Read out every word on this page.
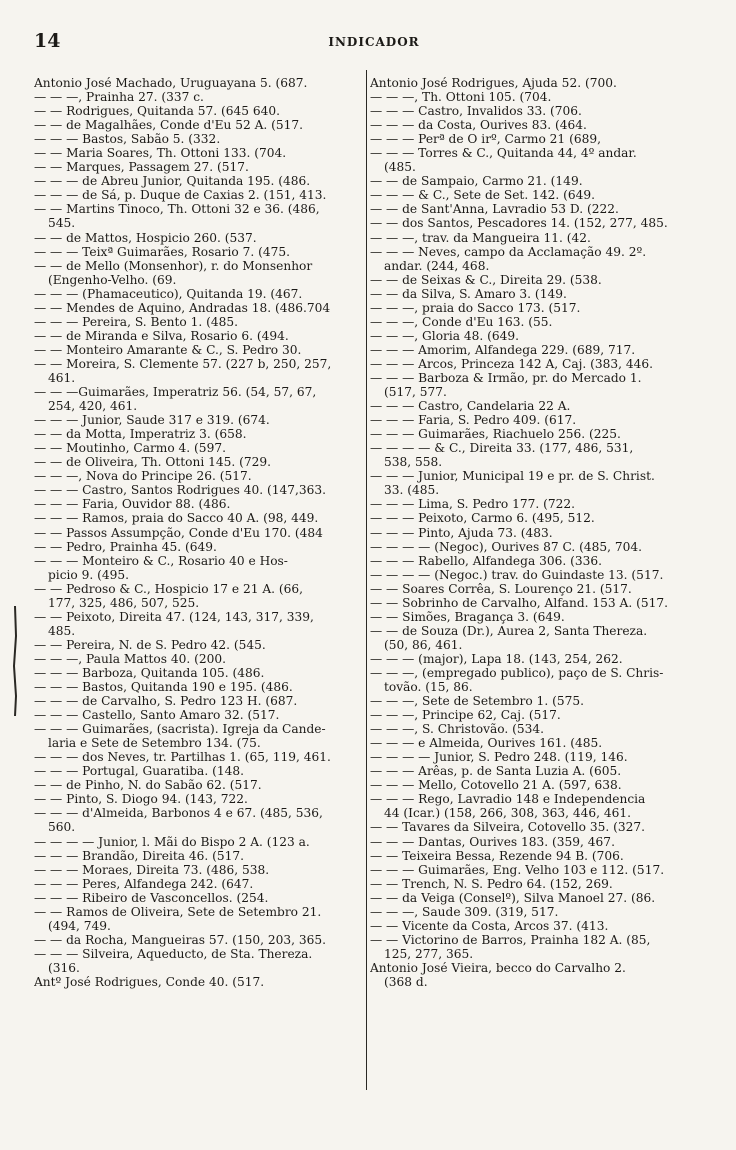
14	INDICADOR
Antonio José Machado, Uruguayana 5. (687.
— — —, Prainha 27. (337 c.
— — Rodrigues, Quitanda 57. (645 640.
— — de Magalhães, Conde d'Eu 52 A. (517.
— — — Bastos, Sabão 5. (332.
— — Maria Soares, Th. Ottoni 133. (704.
— — Marques, Passagem 27. (517.
— — — de Abreu Junior, Quitanda 195. (486.
— — — de Sá, p. Duque de Caxias 2. (151, 413.
— — Martins Tinoco, Th. Ottoni 32 e 36. (486,
545.
— — de Mattos, Hospicio 260. (537.
— — — Teixª Guimarães, Rosario 7. (475.
— — de Mello (Monsenhor), r. do Monsenhor
(Engenho-Velho. (69.
— — — (Phamaceutico), Quitanda 19. (467.
— — Mendes de Aquino, Andradas 18. (486.704
— — — Pereira, S. Bento 1. (485.
— — de Miranda e Silva, Rosario 6. (494.
— — Monteiro Amarante & C., S. Pedro 30.
— — Moreira, S. Clemente 57. (227 b, 250, 257,
461.
— — —Guimarães, Imperatriz 56. (54, 57, 67,
254, 420, 461.
— — — Junior, Saude 317 e 319. (674.
— — da Motta, Imperatriz 3. (658.
— — Moutinho, Carmo 4. (597.
— — de Oliveira, Th. Ottoni 145. (729.
— — —, Nova do Principe 26. (517.
— — — Castro, Santos Rodrigues 40. (147,363.
— — — Faria, Ouvidor 88. (486.
— — — Ramos, praia do Sacco 40 A. (98, 449.
— — Passos Assumpção, Conde d'Eu 170. (484
— — Pedro, Prainha 45. (649.
— — — Monteiro & C., Rosario 40 e Hos-
picio 9. (495.
— — Pedroso & C., Hospicio 17 e 21 A. (66,
177, 325, 486, 507, 525.
— — Peixoto, Direita 47. (124, 143, 317, 339,
485.
— — Pereira, N. de S. Pedro 42. (545.
— — —, Paula Mattos 40. (200.
— — — Barboza, Quitanda 105. (486.
— — — Bastos, Quitanda 190 e 195. (486.
— — — de Carvalho, S. Pedro 123 H. (687.
— — — Castello, Santo Amaro 32. (517.
— — — Guimarães, (sacrista). Igreja da Cande-
laria e Sete de Setembro 134. (75.
— — — dos Neves, tr. Partilhas 1. (65, 119, 461.
— — — Portugal, Guaratiba. (148.
— — de Pinho, N. do Sabão 62. (517.
— — Pinto, S. Diogo 94. (143, 722.
— — — d'Almeida, Barbonos 4 e 67. (485, 536,
560.
— — — — Junior, l. Mãi do Bispo 2 A. (123 a.
— — — Brandão, Direita 46. (517.
— — — Moraes, Direita 73. (486, 538.
— — — Peres, Alfandega 242. (647.
— — — Ribeiro de Vasconcellos. (254.
— — Ramos de Oliveira, Sete de Setembro 21.
(494, 749.
— — da Rocha, Mangueiras 57. (150, 203, 365.
— — — Silveira, Aqueducto, de Sta. Thereza.
(316.
Antº José Rodrigues, Conde 40. (517.
Antonio José Rodrigues, Ajuda 52. (700.
— — —, Th. Ottoni 105. (704.
— — — Castro, Invalidos 33. (706.
— — — da Costa, Ourives 83. (464.
— — — Perª de O irº, Carmo 21 (689,
— — — Torres & C., Quitanda 44, 4º andar.
(485.
— — de Sampaio, Carmo 21. (149.
— — — & C., Sete de Set. 142. (649.
— — de Sant'Anna, Lavradio 53 D. (222.
— — dos Santos, Pescadores 14. (152, 277, 485.
— — —, trav. da Mangueira 11. (42.
— — — Neves, campo da Acclamação 49. 2º.
andar. (244, 468.
— — de Seixas & C., Direita 29. (538.
— — da Silva, S. Amaro 3. (149.
— — —, praia do Sacco 173. (517.
— — —, Conde d'Eu 163. (55.
— — —, Gloria 48. (649.
— — — Amorim, Alfandega 229. (689, 717.
— — — Arcos, Princeza 142 A, Caj. (383, 446.
— — — Barboza & Irmão, pr. do Mercado 1.
(517, 577.
— — — Castro, Candelaria 22 A.
— — — Faria, S. Pedro 409. (617.
— — — Guimarães, Riachuelo 256. (225.
— — — — & C., Direita 33. (177, 486, 531,
538, 558.
— — — Junior, Municipal 19 e pr. de S. Christ.
33. (485.
— — — Lima, S. Pedro 177. (722.
— — — Peixoto, Carmo 6. (495, 512.
— — — Pinto, Ajuda 73. (483.
— — — — (Negoc), Ourives 87 C. (485, 704.
— — — Rabello, Alfandega 306. (336.
— — — — (Negoc.) trav. do Guindaste 13. (517.
— — Soares Corrêa, S. Lourenço 21. (517.
— — Sobrinho de Carvalho, Alfand. 153 A. (517.
— — Simões, Bragança 3. (649.
— — de Souza (Dr.), Aurea 2, Santa Thereza.
(50, 86, 461.
— — — (major), Lapa 18. (143, 254, 262.
— — —, (empregado publico), paço de S. Chris-
tovão. (15, 86.
— — —, Sete de Setembro 1. (575.
— — —, Principe 62, Caj. (517.
— — —, S. Christovão. (534.
— — — e Almeida, Ourives 161. (485.
— — — — Junior, S. Pedro 248. (119, 146.
— — — Arêas, p. de Santa Luzia A. (605.
— — — Mello, Cotovello 21 A. (597, 638.
— — — Rego, Lavradio 148 e Independencia
44 (Icar.) (158, 266, 308, 363, 446, 461.
— — Tavares da Silveira, Cotovello 35. (327.
— — — Dantas, Ourives 183. (359, 467.
— — Teixeira Bessa, Rezende 94 B. (706.
— — — Guimarães, Eng. Velho 103 e 112. (517.
— — Trench, N. S. Pedro 64. (152, 269.
— — da Veiga (Conselº), Silva Manoel 27. (86.
— — —, Saude 309. (319, 517.
— — Vicente da Costa, Arcos 37. (413.
— — Victorino de Barros, Prainha 182 A. (85,
125, 277, 365.
Antonio José Vieira, becco do Carvalho 2.
(368 d.
